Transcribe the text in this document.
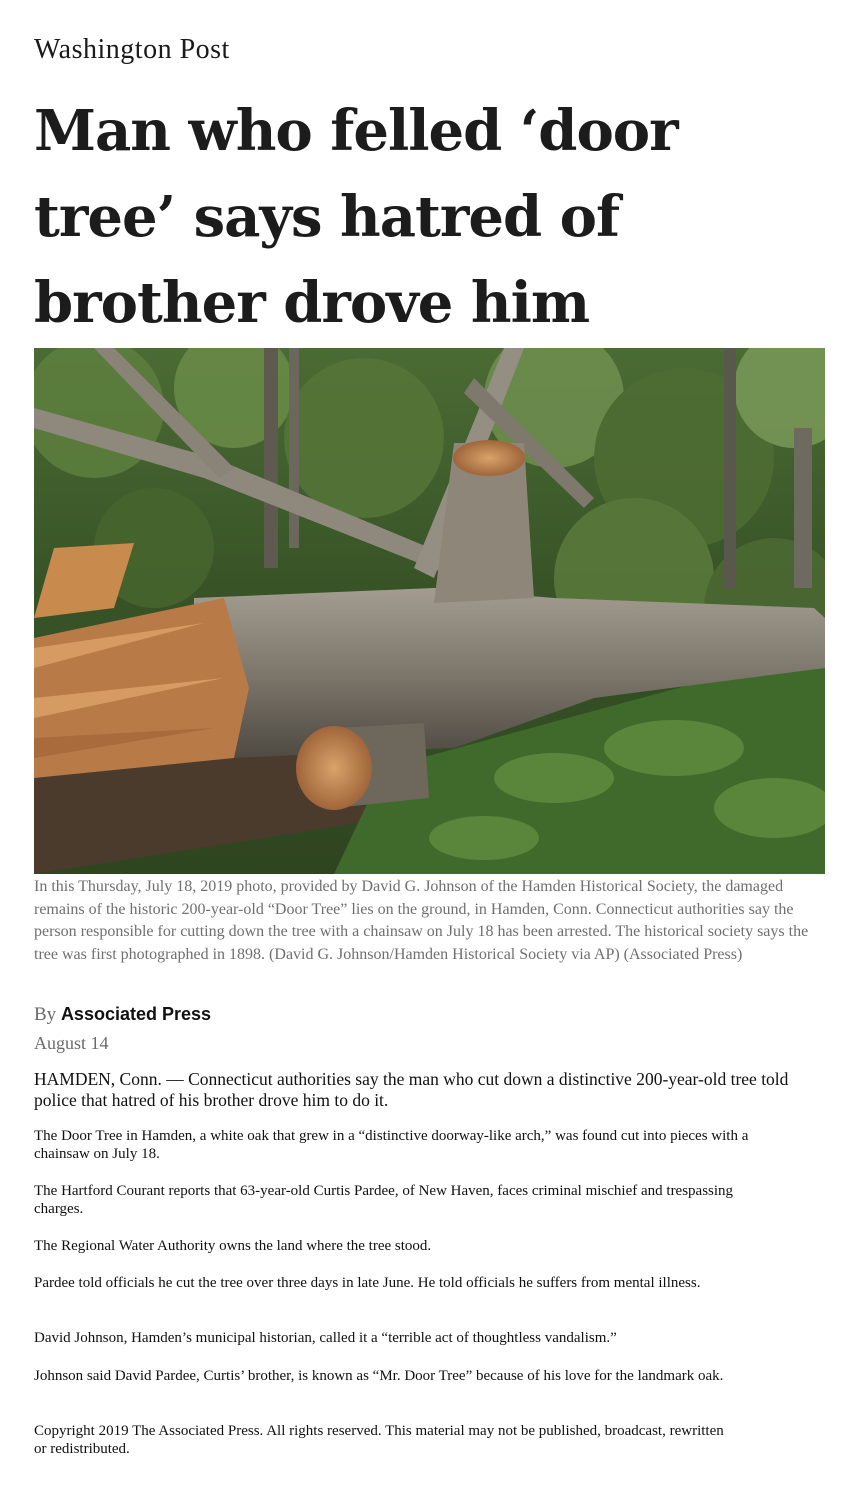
Washington Post
Man who felled ‘door tree’ says hatred of brother drove him
In this Thursday, July 18, 2019 photo, provided by David G. Johnson of the Hamden Historical Society, the damaged remains of the historic 200-year-old “Door Tree” lies on the ground, in Hamden, Conn. Connecticut authorities say the person responsible for cutting down the tree with a chainsaw on July 18 has been arrested. The historical society says the tree was first photographed in 1898. (David G. Johnson/Hamden Historical Society via AP) (Associated Press)
By Associated Press
August 14

HAMDEN, Conn. — Connecticut authorities say the man who cut down a distinctive 200-year-old tree told police that hatred of his brother drove him to do it.

The Door Tree in Hamden, a white oak that grew in a “distinctive doorway-like arch,” was found cut into pieces with a chainsaw on July 18.

The Hartford Courant reports that 63-year-old Curtis Pardee, of New Haven, faces criminal mischief and trespassing charges.

The Regional Water Authority owns the land where the tree stood.

Pardee told officials he cut the tree over three days in late June. He told officials he suffers from mental illness.

David Johnson, Hamden’s municipal historian, called it a “terrible act of thoughtless vandalism.”

Johnson said David Pardee, Curtis’ brother, is known as “Mr. Door Tree” because of his love for the landmark oak.

Copyright 2019 The Associated Press. All rights reserved. This material may not be published, broadcast, rewritten or redistributed.
